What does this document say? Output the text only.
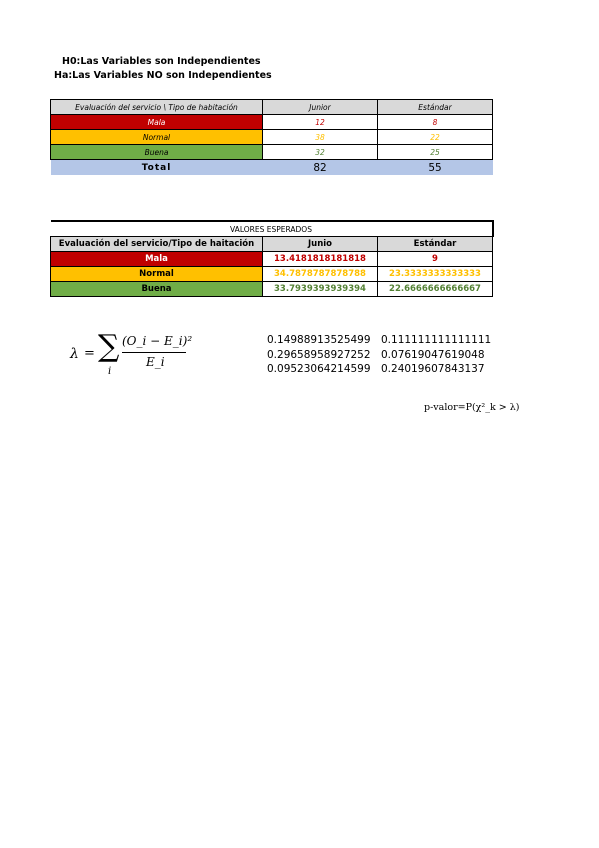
H0:Las Variables son Independientes
Ha:Las Variables NO son Independientes
Evaluación del servicio \ Tipo de habitación	Junior	Estándar
Mala	12	8
Normal	38	22
Buena	32	25
Total	82	55
VALORES ESPERADOS		
Evaluación del servicio/Tipo de haitación	Junio	Estándar
Mala	13.4181818181818	9
Normal	34.7878787878788	23.3333333333333
Buena	33.7939393939394	22.6666666666667
λ = ∑
i
(O_i − E_i)²
E_i
0.14988913525499 0.111111111111111
0.29658958927252 0.07619047619048
0.09523064214599 0.24019607843137
p-valor=P(χ²_k > λ)
